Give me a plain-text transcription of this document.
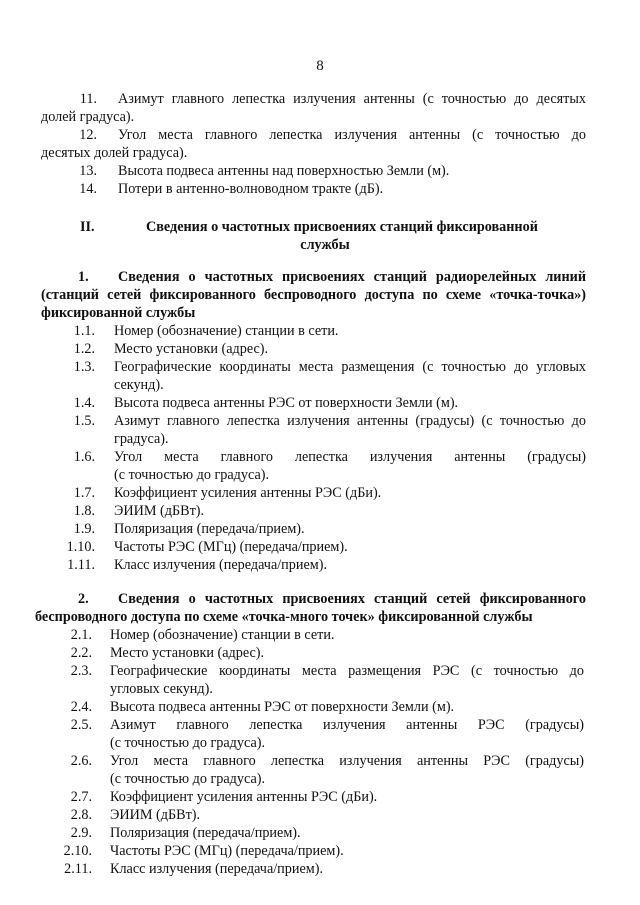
8
11. Азимут главного лепестка излучения антенны (с точностью до десятых
долей градуса).
12. Угол места главного лепестка излучения антенны (с точностью до
десятых долей градуса).
13. Высота подвеса антенны над поверхностью Земли (м).
14. Потери в антенно-волноводном тракте (дБ).
II.	Сведения о частотных присвоениях станций фиксированной
службы
1. Сведения о частотных присвоениях станций радиорелейных линий
(станций сетей фиксированного беспроводного доступа по схеме «точка-точка»)
фиксированной службы
1.1. Номер (обозначение) станции в сети.
1.2. Место установки (адрес).
1.3. Географические координаты места размещения (с точностью до угловых
секунд).
1.4. Высота подвеса антенны РЭС от поверхности Земли (м).
1.5. Азимут главного лепестка излучения антенны (градусы) (с точностью до
градуса).
1.6. Угол места главного лепестка излучения антенны (градусы)
(с точностью до градуса).
1.7. Коэффициент усиления антенны РЭС (дБи).
1.8. ЭИИМ (дБВт).
1.9. Поляризация (передача/прием).
1.10. Частоты РЭС (МГц) (передача/прием).
1.11. Класс излучения (передача/прием).
2. Сведения о частотных присвоениях станций сетей фиксированного
беспроводного доступа по схеме «точка-много точек» фиксированной службы
2.1. Номер (обозначение) станции в сети.
2.2. Место установки (адрес).
2.3. Географические координаты места размещения РЭС (с точностью до
угловых секунд).
2.4. Высота подвеса антенны РЭС от поверхности Земли (м).
2.5. Азимут главного лепестка излучения антенны РЭС (градусы)
(с точностью до градуса).
2.6. Угол места главного лепестка излучения антенны РЭС (градусы)
(с точностью до градуса).
2.7. Коэффициент усиления антенны РЭС (дБи).
2.8. ЭИИМ (дБВт).
2.9. Поляризация (передача/прием).
2.10. Частоты РЭС (МГц) (передача/прием).
2.11. Класс излучения (передача/прием).
